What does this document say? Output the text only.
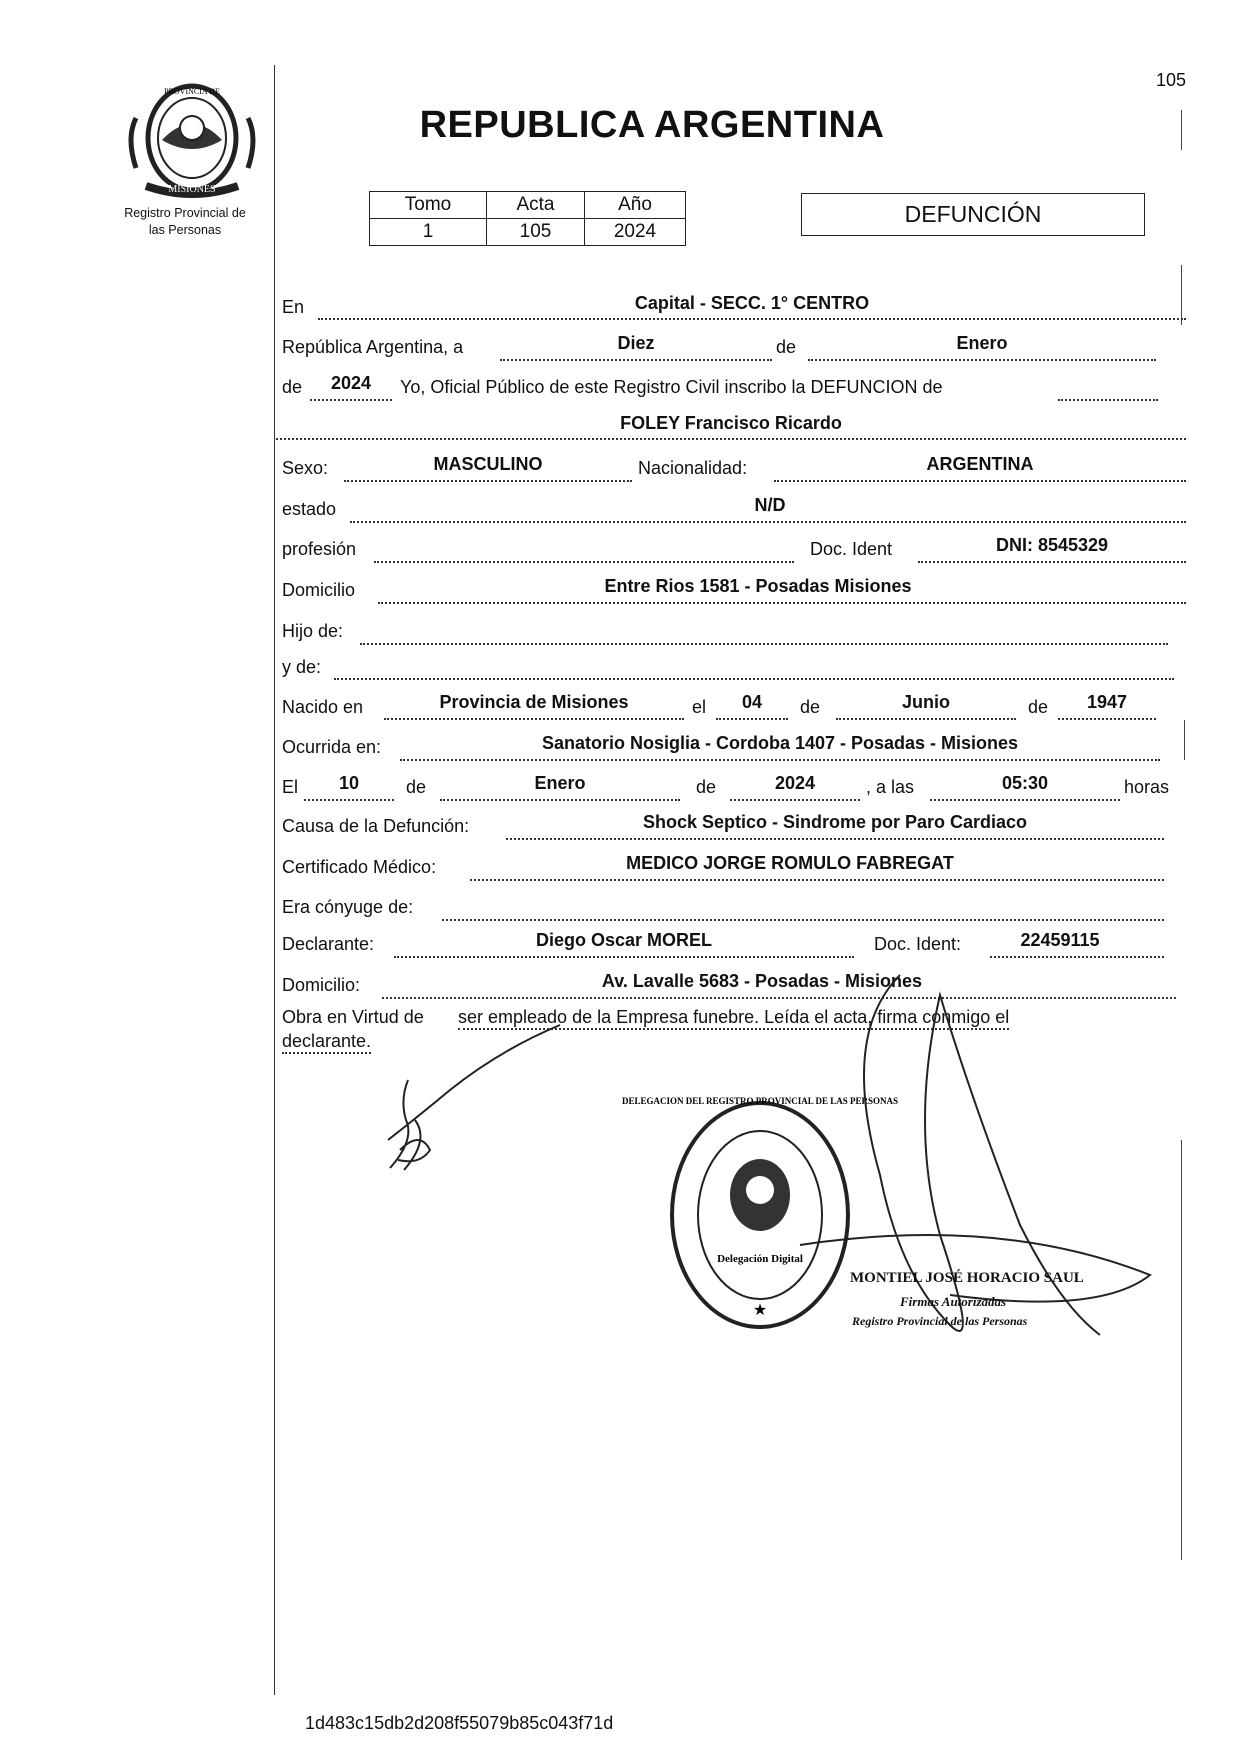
105
PROVINCIA DE
MISIONES
Registro Provincial de
las Personas
REPUBLICA ARGENTINA
Tomo	Acta	Año
1	105	2024
DEFUNCIÓN
En	Capital - SECC. 1° CENTRO
República Argentina, a	Diez	de	Enero
de	2024	Yo, Oficial Público de este Registro Civil inscribo la DEFUNCION de
FOLEY Francisco Ricardo
Sexo:	MASCULINO	Nacionalidad:	ARGENTINA
estado	N/D
profesión	Doc. Ident	DNI: 8545329
Domicilio	Entre Rios 1581 - Posadas Misiones
Hijo de:
y de:
Nacido en	Provincia de Misiones	el	04	de	Junio	de	1947
Ocurrida en:	Sanatorio Nosiglia - Cordoba 1407 - Posadas - Misiones
El	10	de	Enero	de	2024	, a las	05:30	horas
Causa de la Defunción:	Shock Septico - Sindrome por Paro Cardiaco
Certificado Médico:	MEDICO JORGE ROMULO FABREGAT
Era cónyuge de:
Declarante:	Diego Oscar MOREL	Doc. Ident:	22459115
Domicilio:	Av. Lavalle 5683 - Posadas - Misiones
Obra en Virtud de ser empleado de la Empresa funebre. Leída el acta, firma conmigo el
declarante.
DELEGACION DEL REGISTRO PROVINCIAL DE LAS PERSONAS
Delegación Digital
★
MONTIEL JOSÉ HORACIO SAUL
Firmas Autorizadas
Registro Provincial de las Personas
1d483c15db2d208f55079b85c043f71d
